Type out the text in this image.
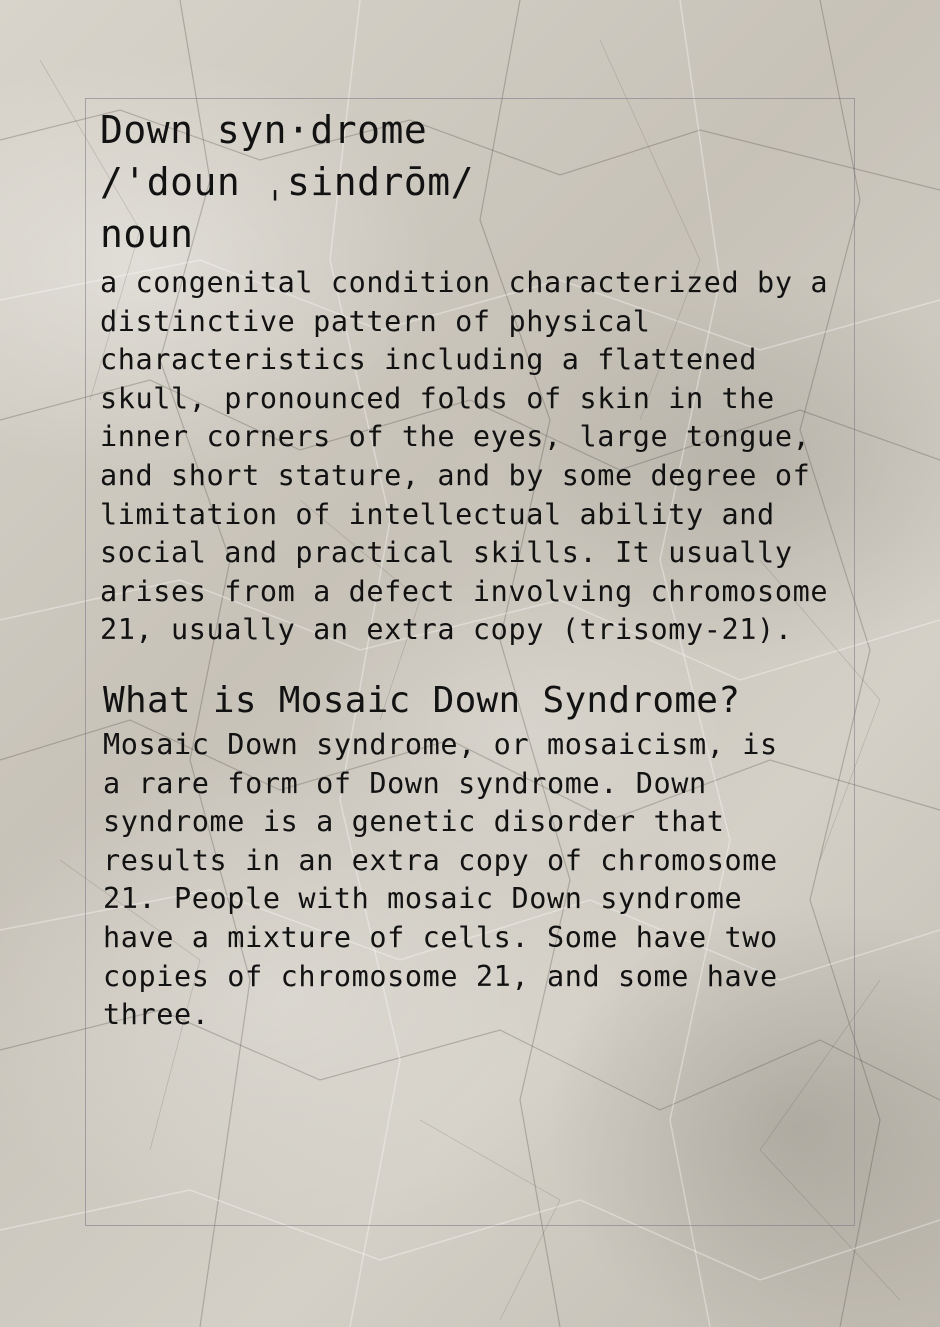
Down syn·drome
/'doun ˌsindrōm/
noun
a congenital condition characterized by a
distinctive pattern of physical
characteristics including a flattened
skull, pronounced folds of skin in the
inner corners of the eyes, large tongue,
and short stature, and by some degree of
limitation of intellectual ability and
social and practical skills. It usually
arises from a defect involving chromosome
21, usually an extra copy (trisomy-21).
What is Mosaic Down Syndrome?
Mosaic Down syndrome, or mosaicism, is
a rare form of Down syndrome. Down
syndrome is a genetic disorder that
results in an extra copy of chromosome
21. People with mosaic Down syndrome
have a mixture of cells. Some have two
copies of chromosome 21, and some have
three.
